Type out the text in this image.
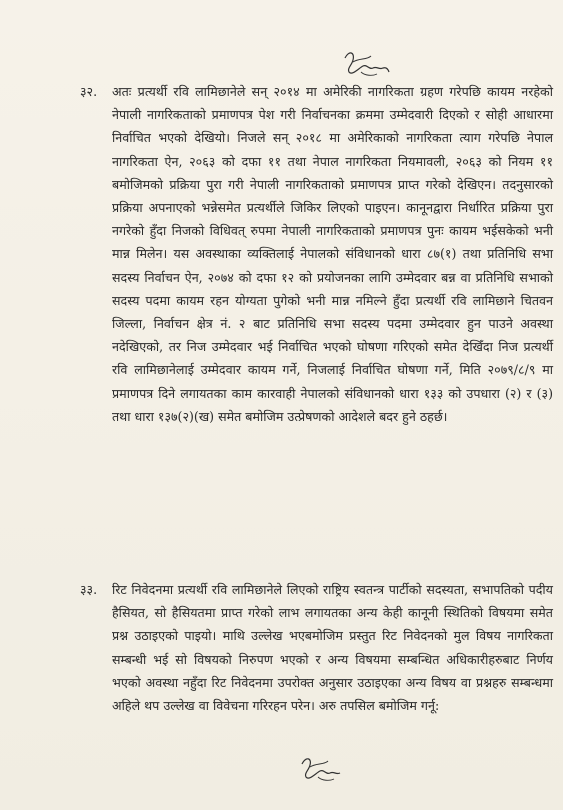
३२. अतः प्रत्यर्थी रवि लामिछानेले सन् २०१४ मा अमेरिकी नागरिकता ग्रहण गरेपछि कायम नरहेको नेपाली नागरिकताको प्रमाणपत्र पेश गरी निर्वाचनका क्रममा उम्मेदवारी दिएको र सोही आधारमा निर्वाचित भएको देखियो। निजले सन् २०१८ मा अमेरिकाको नागरिकता त्याग गरेपछि नेपाल नागरिकता ऐन, २०६३ को दफा ११ तथा नेपाल नागरिकता नियमावली, २०६३ को नियम ११ बमोजिमको प्रक्रिया पुरा गरी नेपाली नागरिकताको प्रमाणपत्र प्राप्त गरेको देखिएन। तदनुसारको प्रक्रिया अपनाएको भन्नेसमेत प्रत्यर्थीले जिकिर लिएको पाइएन। कानूनद्वारा निर्धारित प्रक्रिया पुरा नगरेको हुँदा निजको विधिवत् रुपमा नेपाली नागरिकताको प्रमाणपत्र पुनः कायम भईसकेको भनी मान्न मिलेन। यस अवस्थाका व्यक्तिलाई नेपालको संविधानको धारा ८७(१) तथा प्रतिनिधि सभा सदस्य निर्वाचन ऐन, २०७४ को दफा १२ को प्रयोजनका लागि उम्मेदवार बन्न वा प्रतिनिधि सभाको सदस्य पदमा कायम रहन योग्यता पुगेको भनी मान्न नमिल्ने हुँदा प्रत्यर्थी रवि लामिछाने चितवन जिल्ला, निर्वाचन क्षेत्र नं. २ बाट प्रतिनिधि सभा सदस्य पदमा उम्मेदवार हुन पाउने अवस्था नदेखिएको, तर निज उम्मेदवार भई निर्वाचित भएको घोषणा गरिएको समेत देखिँदा निज प्रत्यर्थी रवि लामिछानेलाई उम्मेदवार कायम गर्ने, निजलाई निर्वाचित घोषणा गर्ने, मिति २०७९/८/९ मा प्रमाणपत्र दिने लगायतका काम कारवाही नेपालको संविधानको धारा १३३ को उपधारा (२) र (३) तथा धारा १३७(२)(ख) समेत बमोजिम उत्प्रेषणको आदेशले बदर हुने ठहर्छ।
३३. रिट निवेदनमा प्रत्यर्थी रवि लामिछानेले लिएको राष्ट्रिय स्वतन्त्र पार्टीको सदस्यता, सभापतिको पदीय हैसियत, सो हैसियतमा प्राप्त गरेको लाभ लगायतका अन्य केही कानूनी स्थितिको विषयमा समेत प्रश्न उठाइएको पाइयो। माथि उल्लेख भएबमोजिम प्रस्तुत रिट निवेदनको मुल विषय नागरिकता सम्बन्धी भई सो विषयको निरुपण भएको र अन्य विषयमा सम्बन्धित अधिकारीहरुबाट निर्णय भएको अवस्था नहुँदा रिट निवेदनमा उपरोक्त अनुसार उठाइएका अन्य विषय वा प्रश्नहरु सम्बन्धमा अहिले थप उल्लेख वा विवेचना गरिरहन परेन। अरु तपसिल बमोजिम गर्नू:
